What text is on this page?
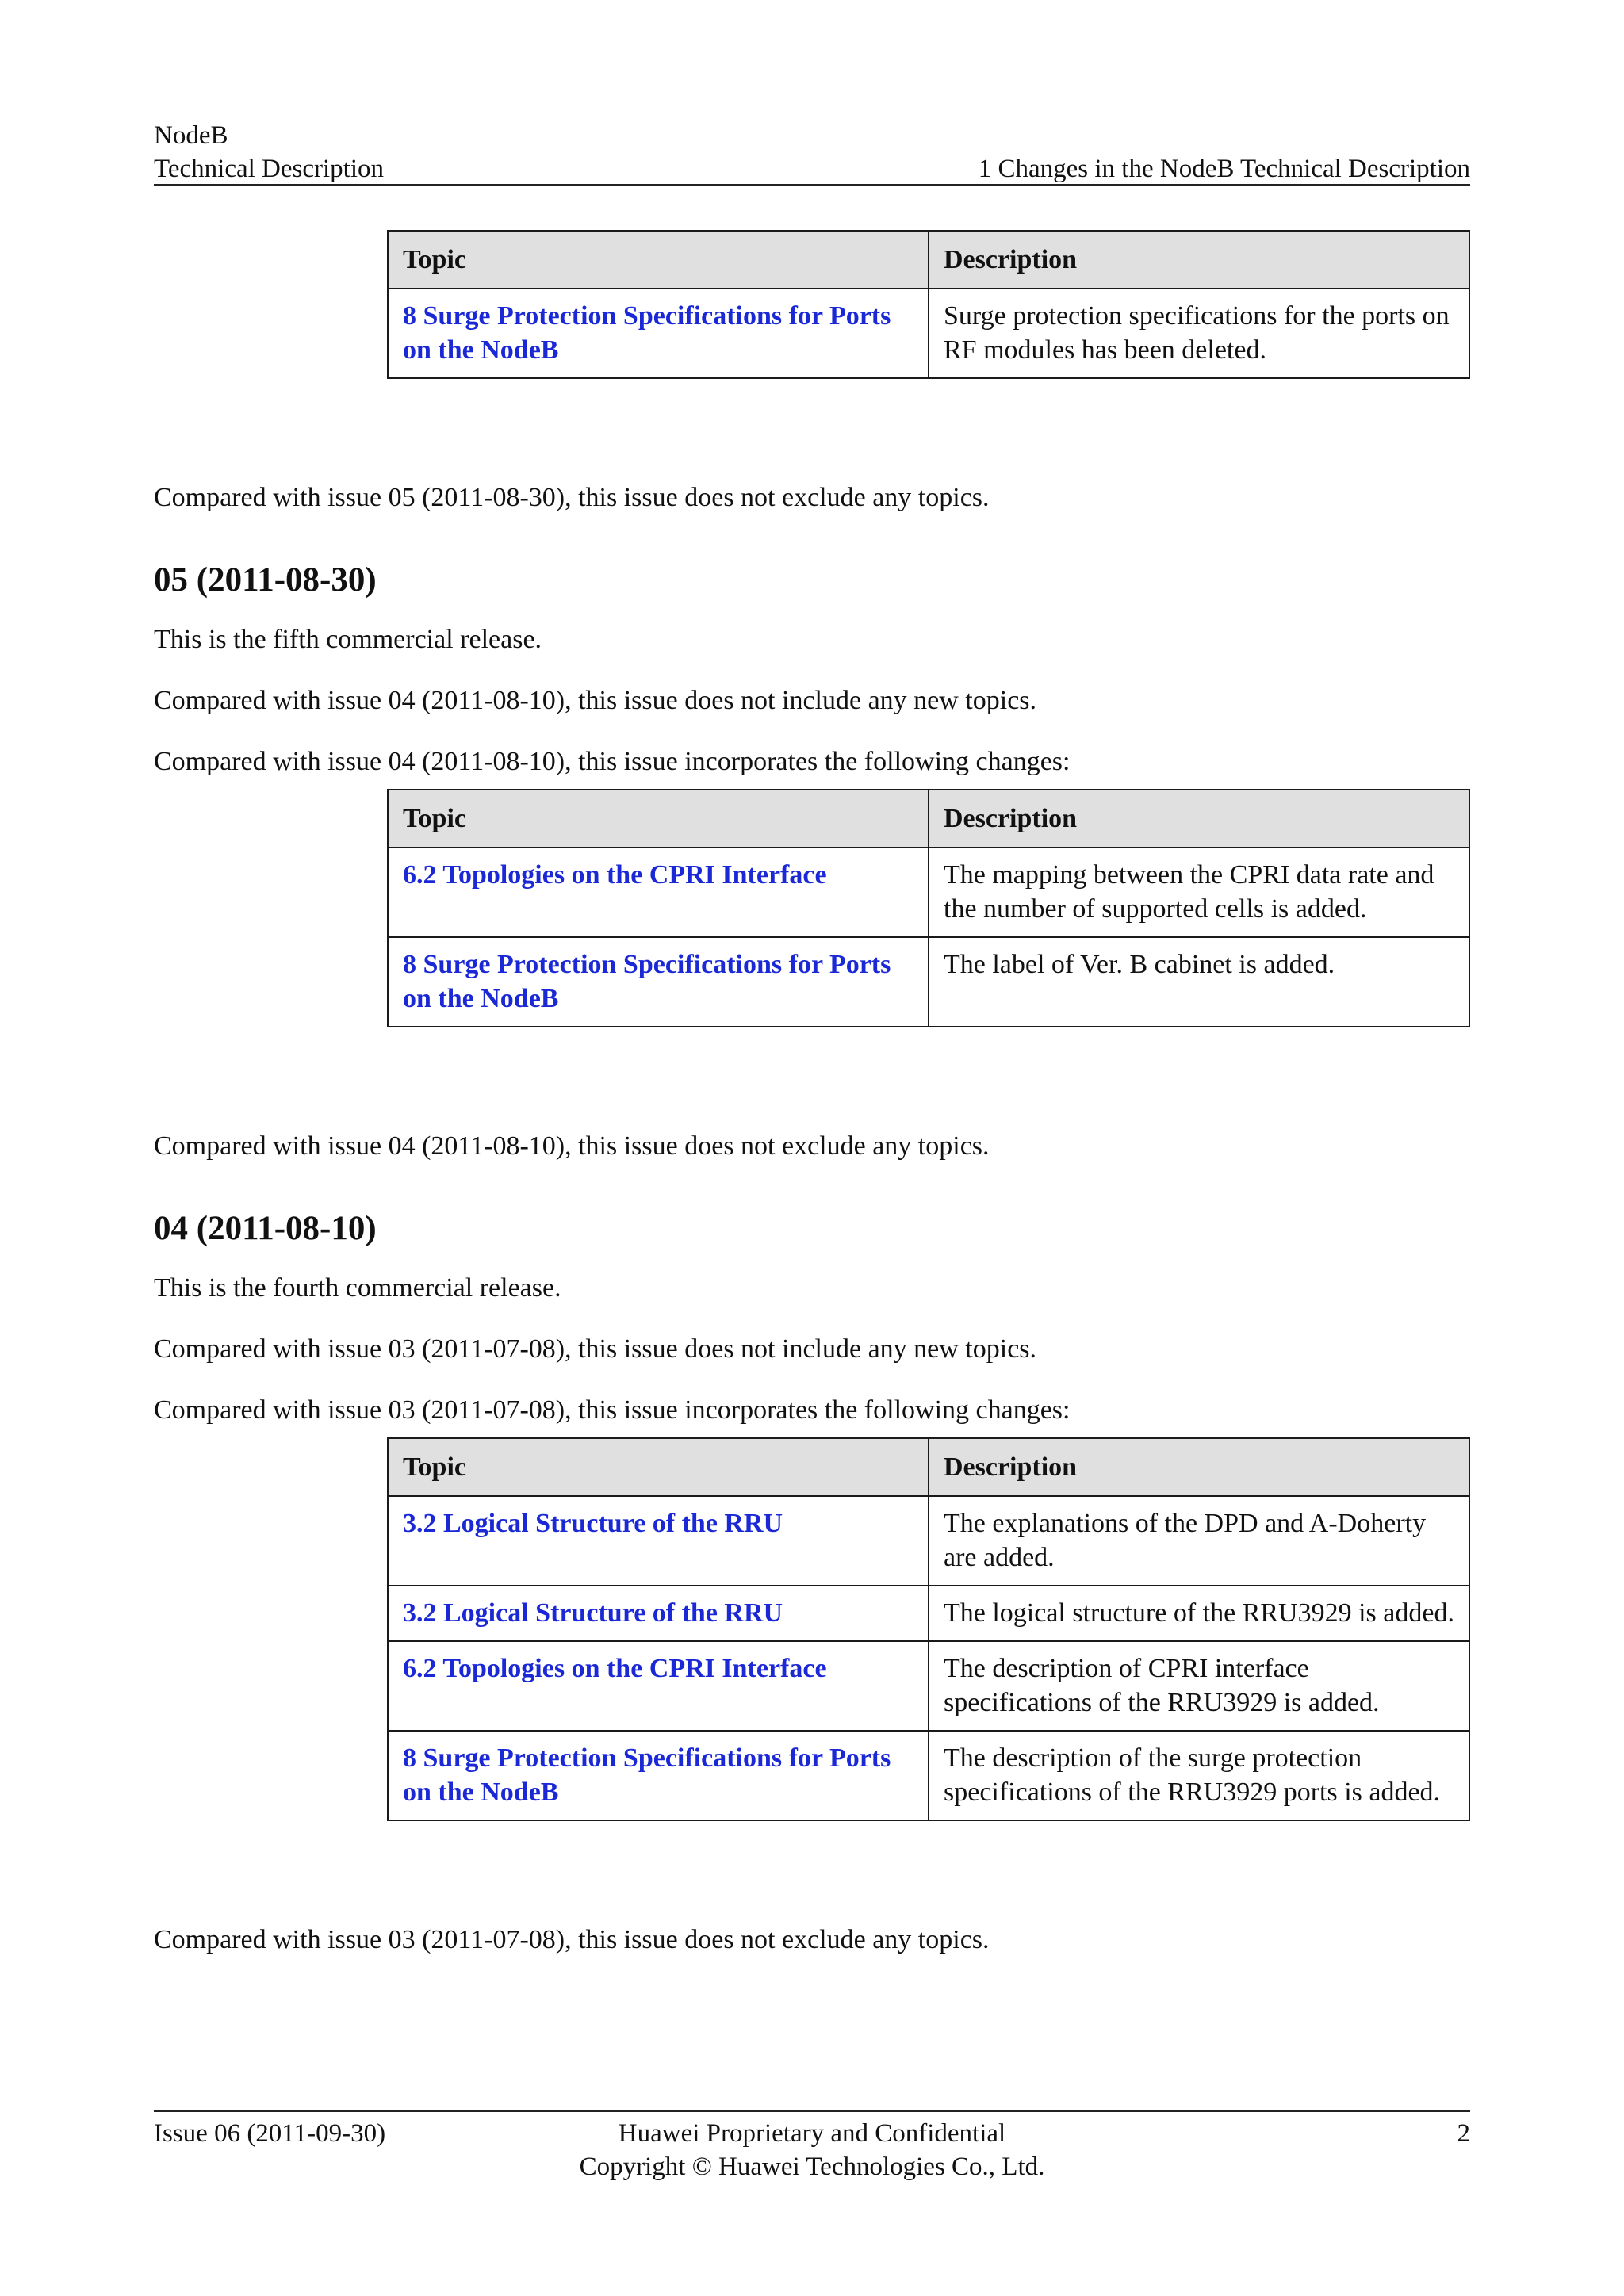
NodeB
Technical Description	1 Changes in the NodeB Technical Description
Topic	Description
8 Surge Protection Specifications for Ports on the NodeB	Surge protection specifications for the ports on RF modules has been deleted.

Compared with issue 05 (2011-08-30), this issue does not exclude any topics.

05 (2011-08-30)

This is the fifth commercial release.

Compared with issue 04 (2011-08-10), this issue does not include any new topics.

Compared with issue 04 (2011-08-10), this issue incorporates the following changes:

Topic	Description
6.2 Topologies on the CPRI Interface	The mapping between the CPRI data rate and the number of supported cells is added.
8 Surge Protection Specifications for Ports on the NodeB	The label of Ver. B cabinet is added.

Compared with issue 04 (2011-08-10), this issue does not exclude any topics.

04 (2011-08-10)

This is the fourth commercial release.

Compared with issue 03 (2011-07-08), this issue does not include any new topics.

Compared with issue 03 (2011-07-08), this issue incorporates the following changes:

Topic	Description
3.2 Logical Structure of the RRU	The explanations of the DPD and A-Doherty are added.
3.2 Logical Structure of the RRU	The logical structure of the RRU3929 is added.
6.2 Topologies on the CPRI Interface	The description of CPRI interface specifications of the RRU3929 is added.
8 Surge Protection Specifications for Ports on the NodeB	The description of the surge protection specifications of the RRU3929 ports is added.

Compared with issue 03 (2011-07-08), this issue does not exclude any topics.

Issue 06 (2011-09-30)	Huawei Proprietary and Confidential
Copyright © Huawei Technologies Co., Ltd.
2
